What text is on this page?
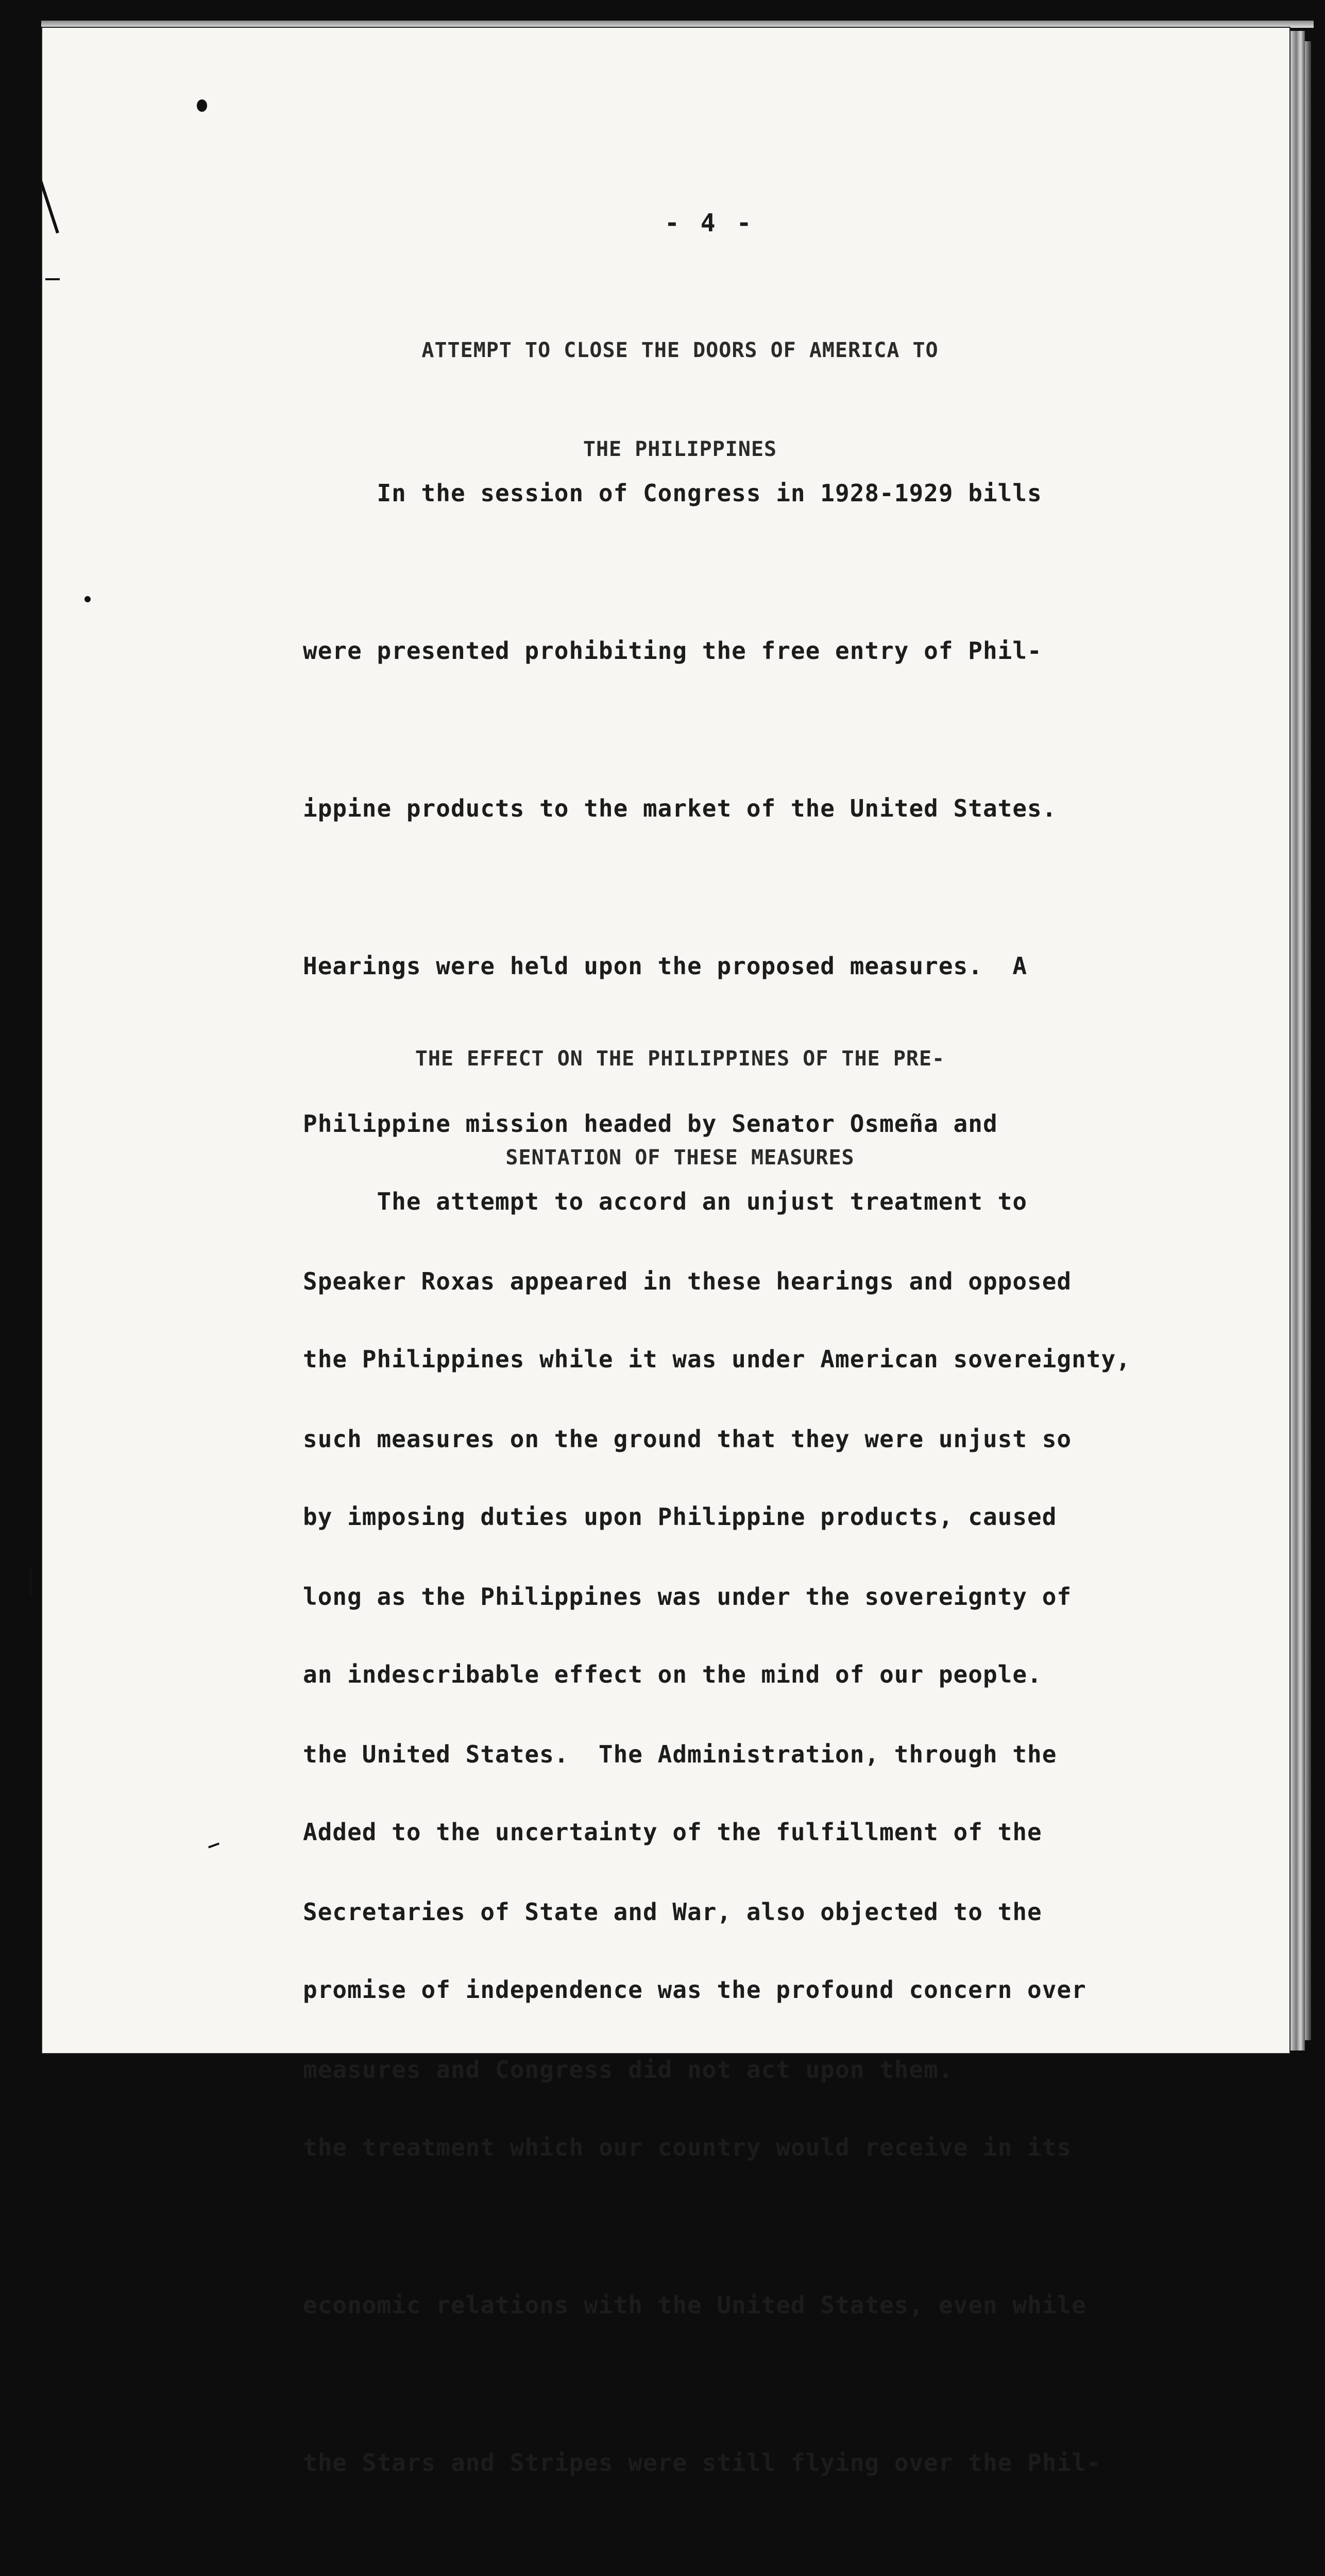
- 4 -

ATTEMPT TO CLOSE THE DOORS OF AMERICA TO

THE PHILIPPINES

In the session of Congress in 1928-1929 bills

were presented prohibiting the free entry of Phil-

ippine products to the market of the United States.

Hearings were held upon the proposed measures.  A

Philippine mission headed by Senator Osmeña and

Speaker Roxas appeared in these hearings and opposed

such measures on the ground that they were unjust so

long as the Philippines was under the sovereignty of

the United States.  The Administration, through the

Secretaries of State and War, also objected to the

measures and Congress did not act upon them.

THE EFFECT ON THE PHILIPPINES OF THE PRE-

SENTATION OF THESE MEASURES

The attempt to accord an unjust treatment to

the Philippines while it was under American sovereignty,

by imposing duties upon Philippine products, caused

an indescribable effect on the mind of our people.

Added to the uncertainty of the fulfillment of the

promise of independence was the profound concern over

the treatment which our country would receive in its

economic relations with the United States, even while

the Stars and Stripes were still flying over the Phil-
